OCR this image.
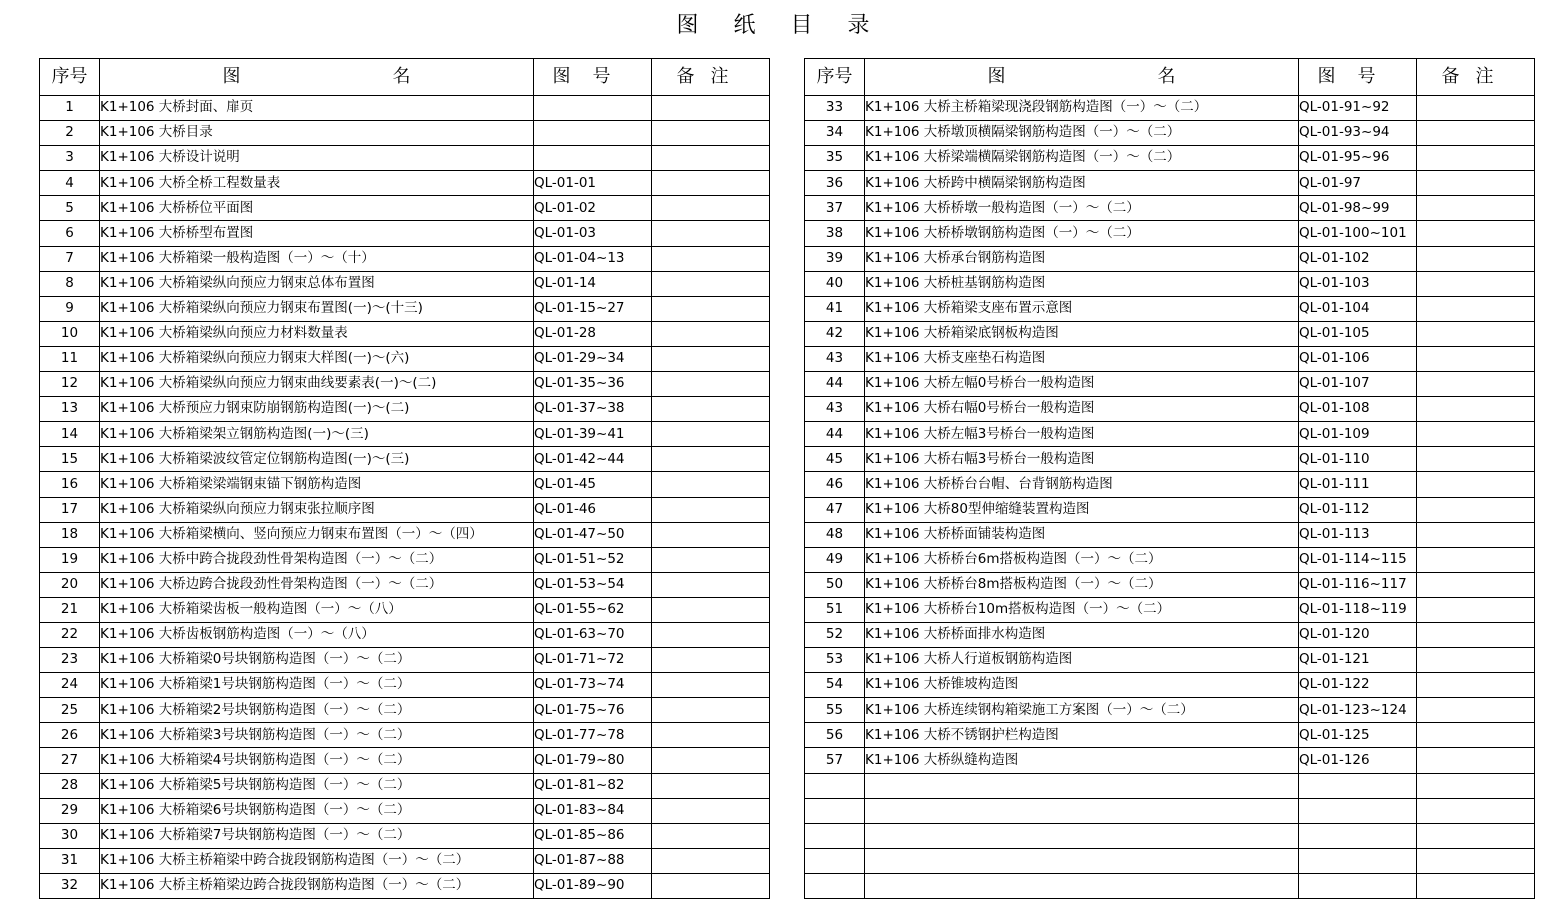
图 纸 目 录
序号	图 名	图号	备注
1	K1+106 大桥封面、扉页		
2	K1+106 大桥目录		
3	K1+106 大桥设计说明		
4	K1+106 大桥全桥工程数量表	QL-01-01	
5	K1+106 大桥桥位平面图	QL-01-02	
6	K1+106 大桥桥型布置图	QL-01-03	
7	K1+106 大桥箱梁一般构造图（一）～（十）	QL-01-04~13	
8	K1+106 大桥箱梁纵向预应力钢束总体布置图	QL-01-14	
9	K1+106 大桥箱梁纵向预应力钢束布置图(一)～(十三)	QL-01-15~27	
10	K1+106 大桥箱梁纵向预应力材料数量表	QL-01-28	
11	K1+106 大桥箱梁纵向预应力钢束大样图(一)～(六)	QL-01-29~34	
12	K1+106 大桥箱梁纵向预应力钢束曲线要素表(一)～(二)	QL-01-35~36	
13	K1+106 大桥预应力钢束防崩钢筋构造图(一)～(二)	QL-01-37~38	
14	K1+106 大桥箱梁架立钢筋构造图(一)～(三)	QL-01-39~41	
15	K1+106 大桥箱梁波纹管定位钢筋构造图(一)～(三)	QL-01-42~44	
16	K1+106 大桥箱梁梁端钢束锚下钢筋构造图	QL-01-45	
17	K1+106 大桥箱梁纵向预应力钢束张拉顺序图	QL-01-46	
18	K1+106 大桥箱梁横向、竖向预应力钢束布置图（一）～（四）	QL-01-47~50	
19	K1+106 大桥中跨合拢段劲性骨架构造图（一）～（二）	QL-01-51~52	
20	K1+106 大桥边跨合拢段劲性骨架构造图（一）～（二）	QL-01-53~54	
21	K1+106 大桥箱梁齿板一般构造图（一）～（八）	QL-01-55~62	
22	K1+106 大桥齿板钢筋构造图（一）～（八）	QL-01-63~70	
23	K1+106 大桥箱梁0号块钢筋构造图（一）～（二）	QL-01-71~72	
24	K1+106 大桥箱梁1号块钢筋构造图（一）～（二）	QL-01-73~74	
25	K1+106 大桥箱梁2号块钢筋构造图（一）～（二）	QL-01-75~76	
26	K1+106 大桥箱梁3号块钢筋构造图（一）～（二）	QL-01-77~78	
27	K1+106 大桥箱梁4号块钢筋构造图（一）～（二）	QL-01-79~80	
28	K1+106 大桥箱梁5号块钢筋构造图（一）～（二）	QL-01-81~82	
29	K1+106 大桥箱梁6号块钢筋构造图（一）～（二）	QL-01-83~84	
30	K1+106 大桥箱梁7号块钢筋构造图（一）～（二）	QL-01-85~86	
31	K1+106 大桥主桥箱梁中跨合拢段钢筋构造图（一）～（二）	QL-01-87~88	
32	K1+106 大桥主桥箱梁边跨合拢段钢筋构造图（一）～（二）	QL-01-89~90	
序号	图 名	图号	备注
33	K1+106 大桥主桥箱梁现浇段钢筋构造图（一）～（二）	QL-01-91~92	
34	K1+106 大桥墩顶横隔梁钢筋构造图（一）～（二）	QL-01-93~94	
35	K1+106 大桥梁端横隔梁钢筋构造图（一）～（二）	QL-01-95~96	
36	K1+106 大桥跨中横隔梁钢筋构造图	QL-01-97	
37	K1+106 大桥桥墩一般构造图（一）～（二）	QL-01-98~99	
38	K1+106 大桥桥墩钢筋构造图（一）～（二）	QL-01-100~101	
39	K1+106 大桥承台钢筋构造图	QL-01-102	
40	K1+106 大桥桩基钢筋构造图	QL-01-103	
41	K1+106 大桥箱梁支座布置示意图	QL-01-104	
42	K1+106 大桥箱梁底钢板构造图	QL-01-105	
43	K1+106 大桥支座垫石构造图	QL-01-106	
44	K1+106 大桥左幅0号桥台一般构造图	QL-01-107	
43	K1+106 大桥右幅0号桥台一般构造图	QL-01-108	
44	K1+106 大桥左幅3号桥台一般构造图	QL-01-109	
45	K1+106 大桥右幅3号桥台一般构造图	QL-01-110	
46	K1+106 大桥桥台台帽、台背钢筋构造图	QL-01-111	
47	K1+106 大桥80型伸缩缝装置构造图	QL-01-112	
48	K1+106 大桥桥面铺装构造图	QL-01-113	
49	K1+106 大桥桥台6m搭板构造图（一）～（二）	QL-01-114~115	
50	K1+106 大桥桥台8m搭板构造图（一）～（二）	QL-01-116~117	
51	K1+106 大桥桥台10m搭板构造图（一）～（二）	QL-01-118~119	
52	K1+106 大桥桥面排水构造图	QL-01-120	
53	K1+106 大桥人行道板钢筋构造图	QL-01-121	
54	K1+106 大桥锥坡构造图	QL-01-122	
55	K1+106 大桥连续钢构箱梁施工方案图（一）～（二）	QL-01-123~124	
56	K1+106 大桥不锈钢护栏构造图	QL-01-125	
57	K1+106 大桥纵缝构造图	QL-01-126	
